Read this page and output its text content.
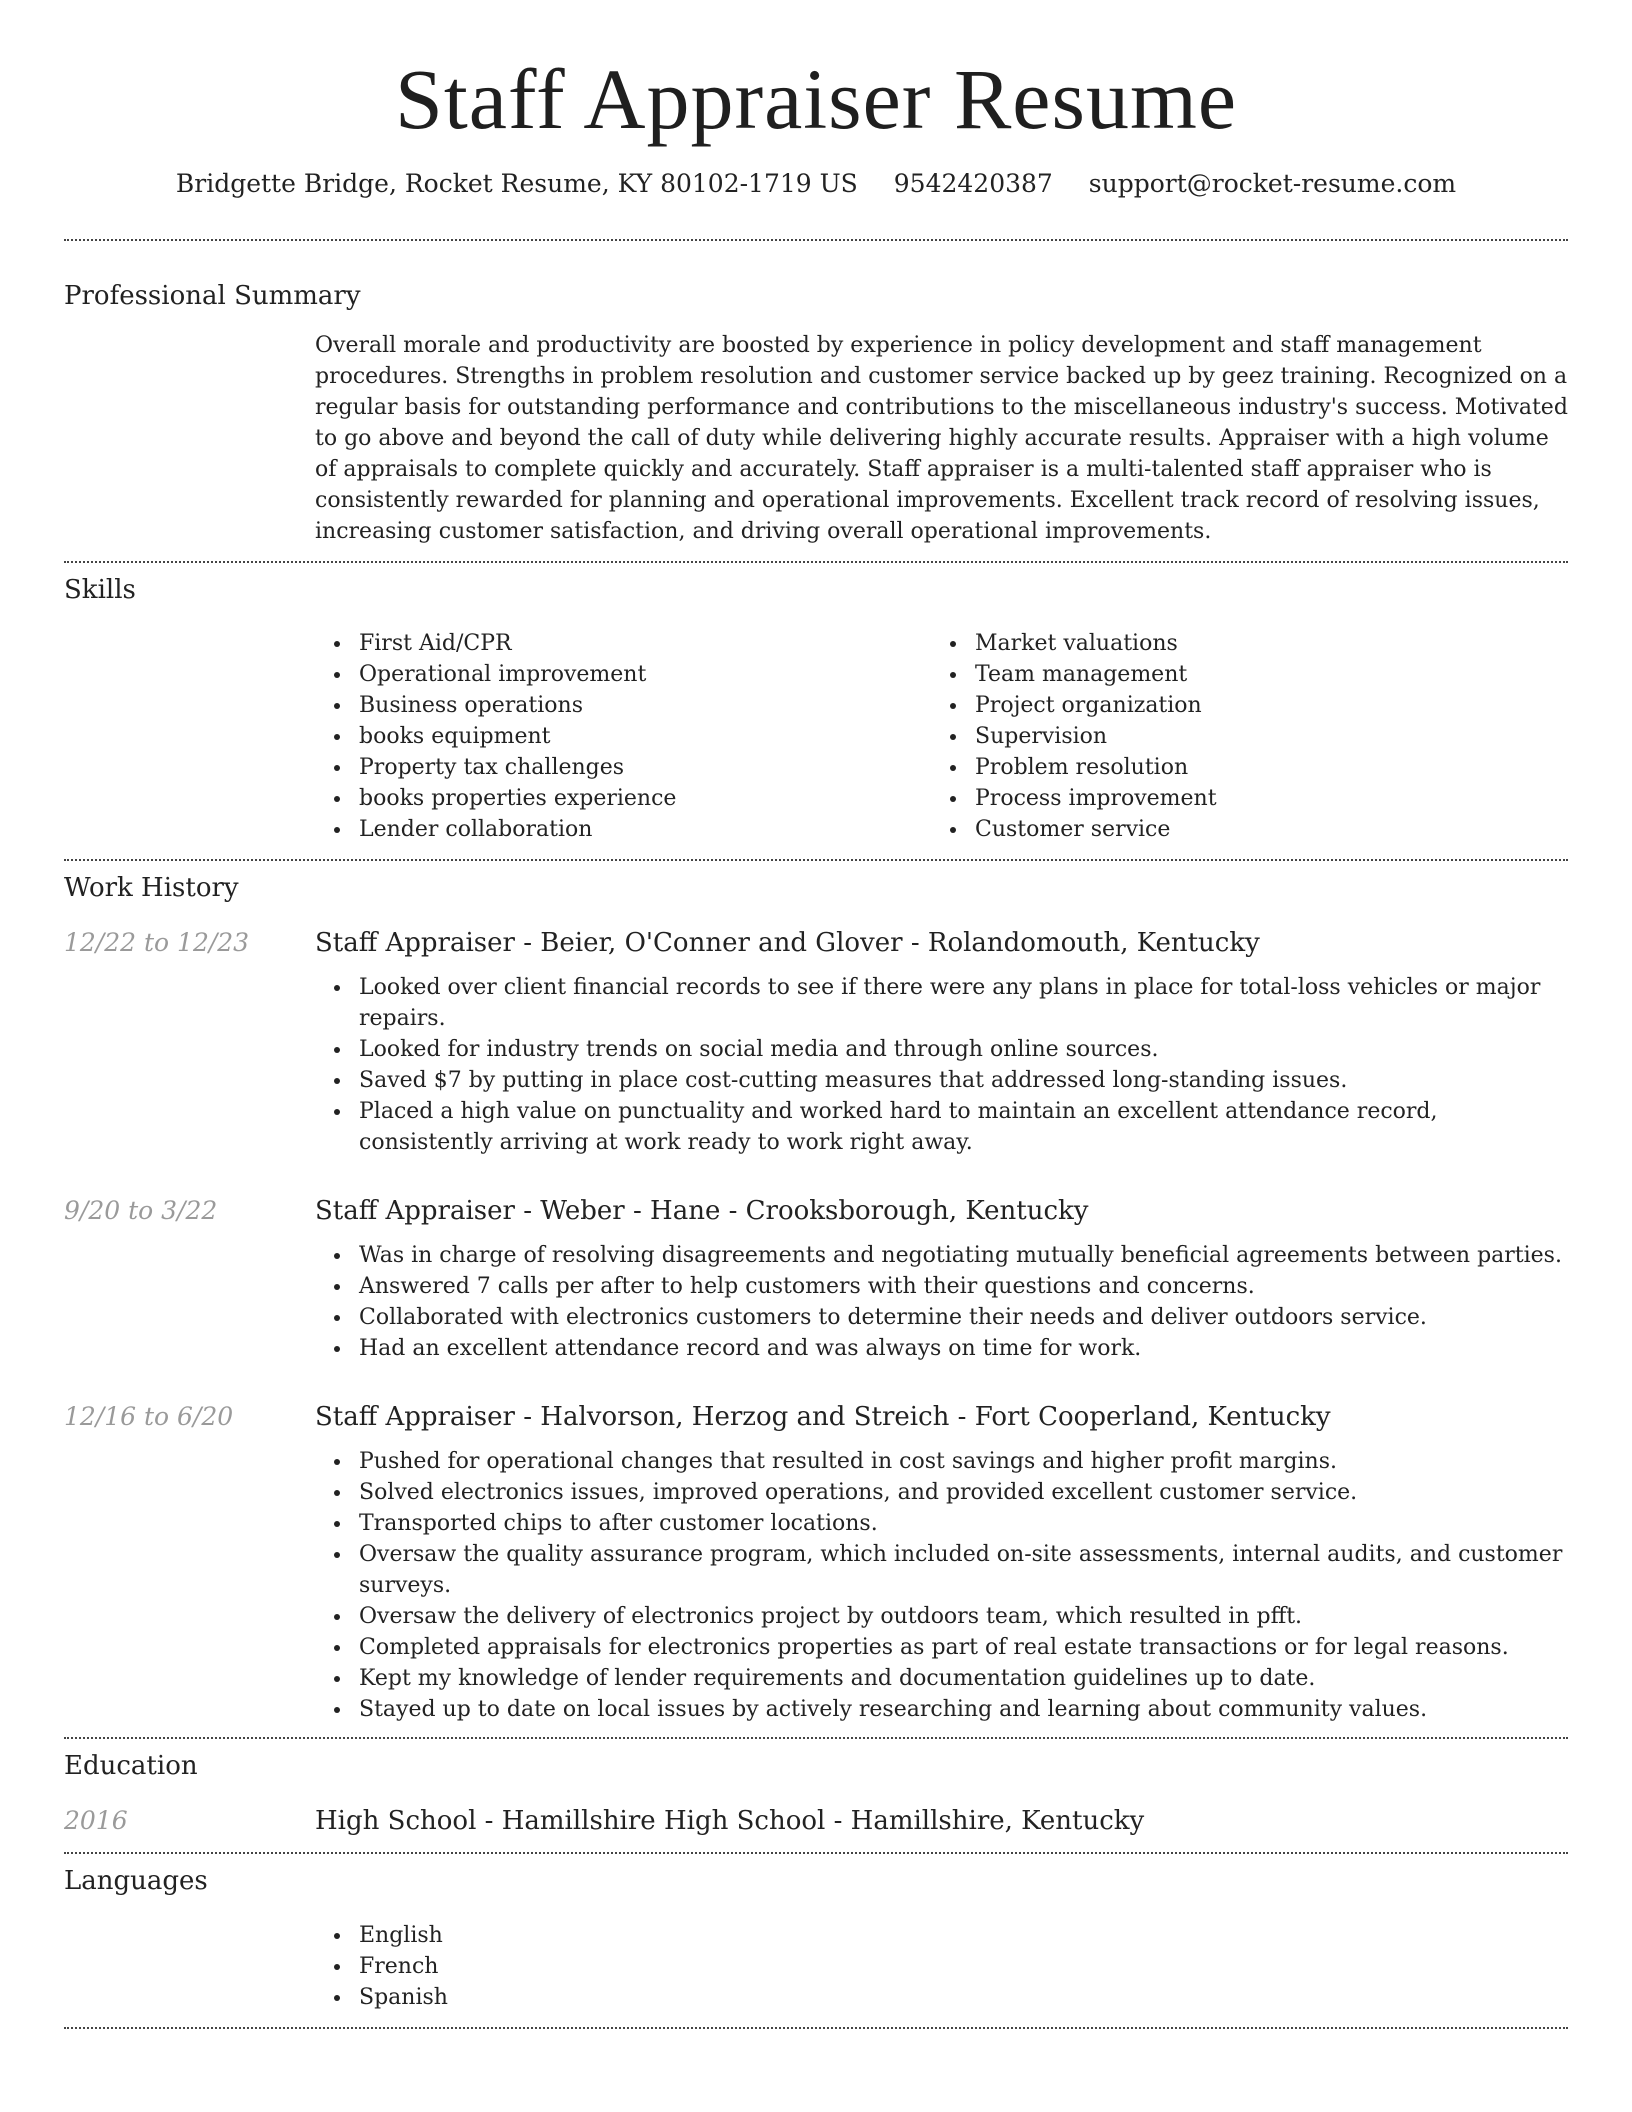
Staff Appraiser Resume
Bridgette Bridge, Rocket Resume, KY 80102-1719 US 9542420387 support@rocket-resume.com
Professional Summary
Overall morale and productivity are boosted by experience in policy development and staff management procedures. Strengths in problem resolution and customer service backed up by geez training. Recognized on a regular basis for outstanding performance and contributions to the miscellaneous industry's success. Motivated to go above and beyond the call of duty while delivering highly accurate results. Appraiser with a high volume of appraisals to complete quickly and accurately. Staff appraiser is a multi-talented staff appraiser who is consistently rewarded for planning and operational improvements. Excellent track record of resolving issues, increasing customer satisfaction, and driving overall operational improvements.
Skills
First Aid/CPR
Operational improvement
Business operations
books equipment
Property tax challenges
books properties experience
Lender collaboration
Market valuations
Team management
Project organization
Supervision
Problem resolution
Process improvement
Customer service
Work History
12/22 to 12/23	Staff Appraiser - Beier, O'Conner and Glover - Rolandomouth, Kentucky
Looked over client financial records to see if there were any plans in place for total-loss vehicles or major repairs.
Looked for industry trends on social media and through online sources.
Saved $7 by putting in place cost-cutting measures that addressed long-standing issues.
Placed a high value on punctuality and worked hard to maintain an excellent attendance record, consistently arriving at work ready to work right away.
9/20 to 3/22	Staff Appraiser - Weber - Hane - Crooksborough, Kentucky
Was in charge of resolving disagreements and negotiating mutually beneficial agreements between parties.
Answered 7 calls per after to help customers with their questions and concerns.
Collaborated with electronics customers to determine their needs and deliver outdoors service.
Had an excellent attendance record and was always on time for work.
12/16 to 6/20	Staff Appraiser - Halvorson, Herzog and Streich - Fort Cooperland, Kentucky
Pushed for operational changes that resulted in cost savings and higher profit margins.
Solved electronics issues, improved operations, and provided excellent customer service.
Transported chips to after customer locations.
Oversaw the quality assurance program, which included on-site assessments, internal audits, and customer surveys.
Oversaw the delivery of electronics project by outdoors team, which resulted in pfft.
Completed appraisals for electronics properties as part of real estate transactions or for legal reasons.
Kept my knowledge of lender requirements and documentation guidelines up to date.
Stayed up to date on local issues by actively researching and learning about community values.
Education
2016	High School - Hamillshire High School - Hamillshire, Kentucky
Languages
English
French
Spanish
